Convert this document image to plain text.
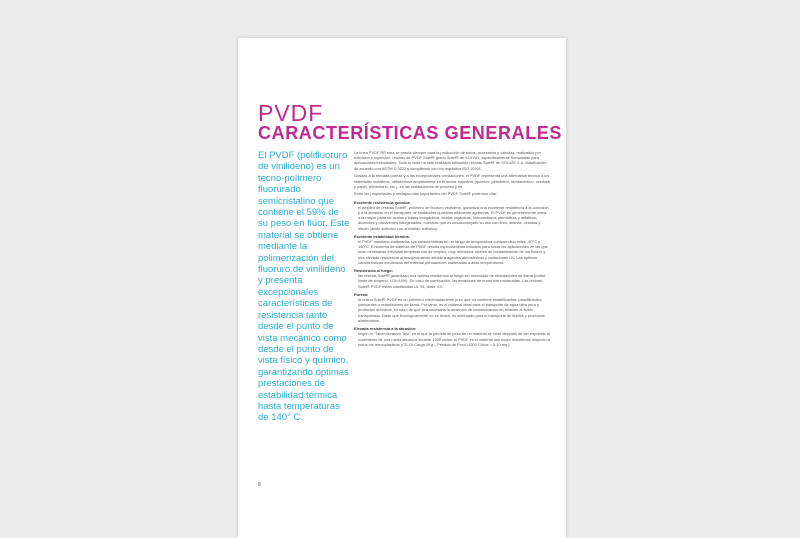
PVDF
CARACTERÍSTICAS GENERALES
El PVDF (polifluoruro de vinilideno) es un tecno-polímero fluorurado semicristalino que contiene el 59% de su peso en flúor. Este material se obtiene mediante la polimerización del fluoruro de vinilideno y presenta excepcionales características de resistencia tanto desde el punto de vista mecánico como desde el punto de vista físico y químico, garantizando óptimas prestaciones de estabilidad térmica hasta temperaturas de 140° C.

La línea PVDF RP ema se presta siempre para la producción de tubos, accesorios y válvulas, realizados por extrusión e inyección, resinas de PVDF Solef® grado Solef® de SOLVAY, específicamente formuladas para aplicaciones industriales. Toda la línea ha sido realizada utilizando resinas Solef® de SOLVAY S.A. clasificación de acuerdo con ASTM D 3222 y cumpliendo con los requisitos ISO 10931.

Gracias a la elevada pureza y a las excepcionales prestaciones, el PVDF representa una alternativa técnica a los materiales metálicos, utilizándose ampliamente en el sector industrial (químico, petrolífero, farmacéutico, celulosa y papel, alimentario, etc.), en las instalaciones de proceso y en.

Entre las propiedades y ventajas más importantes del PVDF Solef® podemos citar:

Excelente resistencia química:
el empleo de resinas Solef®, polímero de fluoruro vinilideno, garantiza una excelente resistencia a la corrosión y a la abrasión en el transporte de sustancias químicas altamente agresivas. El PVDF es generalmente inerte a la mayor parte de ácidos y bases inorgánicos, ácidos orgánicos, hidrocarburos aromáticos y alifáticos, alcoholes y disolventes halogenados, mientras que es desaconsejado su uso con flúor, aminas, cetonas y oleum (ácido sulfúrico con anhídrido sulfúrico).
Excelente estabilidad térmica:
el PVDF mantiene inalteradas sus características en un rango de temperatura comprendido entre -40°C y 140°C. El sistema de tuberías de PVDF resulta especialmente indicado para todas las aplicaciones en las que sean necesarias elevadas temperaturas de empleo, muy reducidos niveles de contaminación de los fluidos y una elevada resistencia al envejecimiento debido a agentes atmosféricos y radiaciones UV. Las óptimas características mecánicas del material permanecen inalteradas a altas temperaturas.
Resistencia al fuego:
las resinas Solef® garantizan una óptima resistencia al fuego sin necesidad de retardadores de llama (índice límite de oxígeno, LOI=44%). En caso de combustión, las emisiones de humo son moderadas. Las resinas Solef® PVDF están clasificadas UL 94, clase V-0.
Pureza:
la resina Solef® PVDF es un polímero extremadamente puro que no contiene estabilizantes, plastificantes, lubricantes o retardadores de llama. Por tanto, es el material ideal para el transporte de agua ultra pura y productos químicos, en caso de que sea necesaria la ausencia de contaminación en relación al fluido transportado. Dado que físiológicamente no es tóxico, es adecuado para el transporte de fluidos y productos alimentarios.
Elevada resistencia a la abrasión:
según el "Taber Abrasion Test" en el que la pérdida de peso de un material se mide después de ser expuesto al rozamiento de una rueda abrasiva durante 1000 ciclos, el PVDF es el material con mejor resistencia respecto a todos los termoplásticos (CS-10 Carga 1Kg – Pérdida de Peso /1000 Ciclos = 5-10 mg.).
8
